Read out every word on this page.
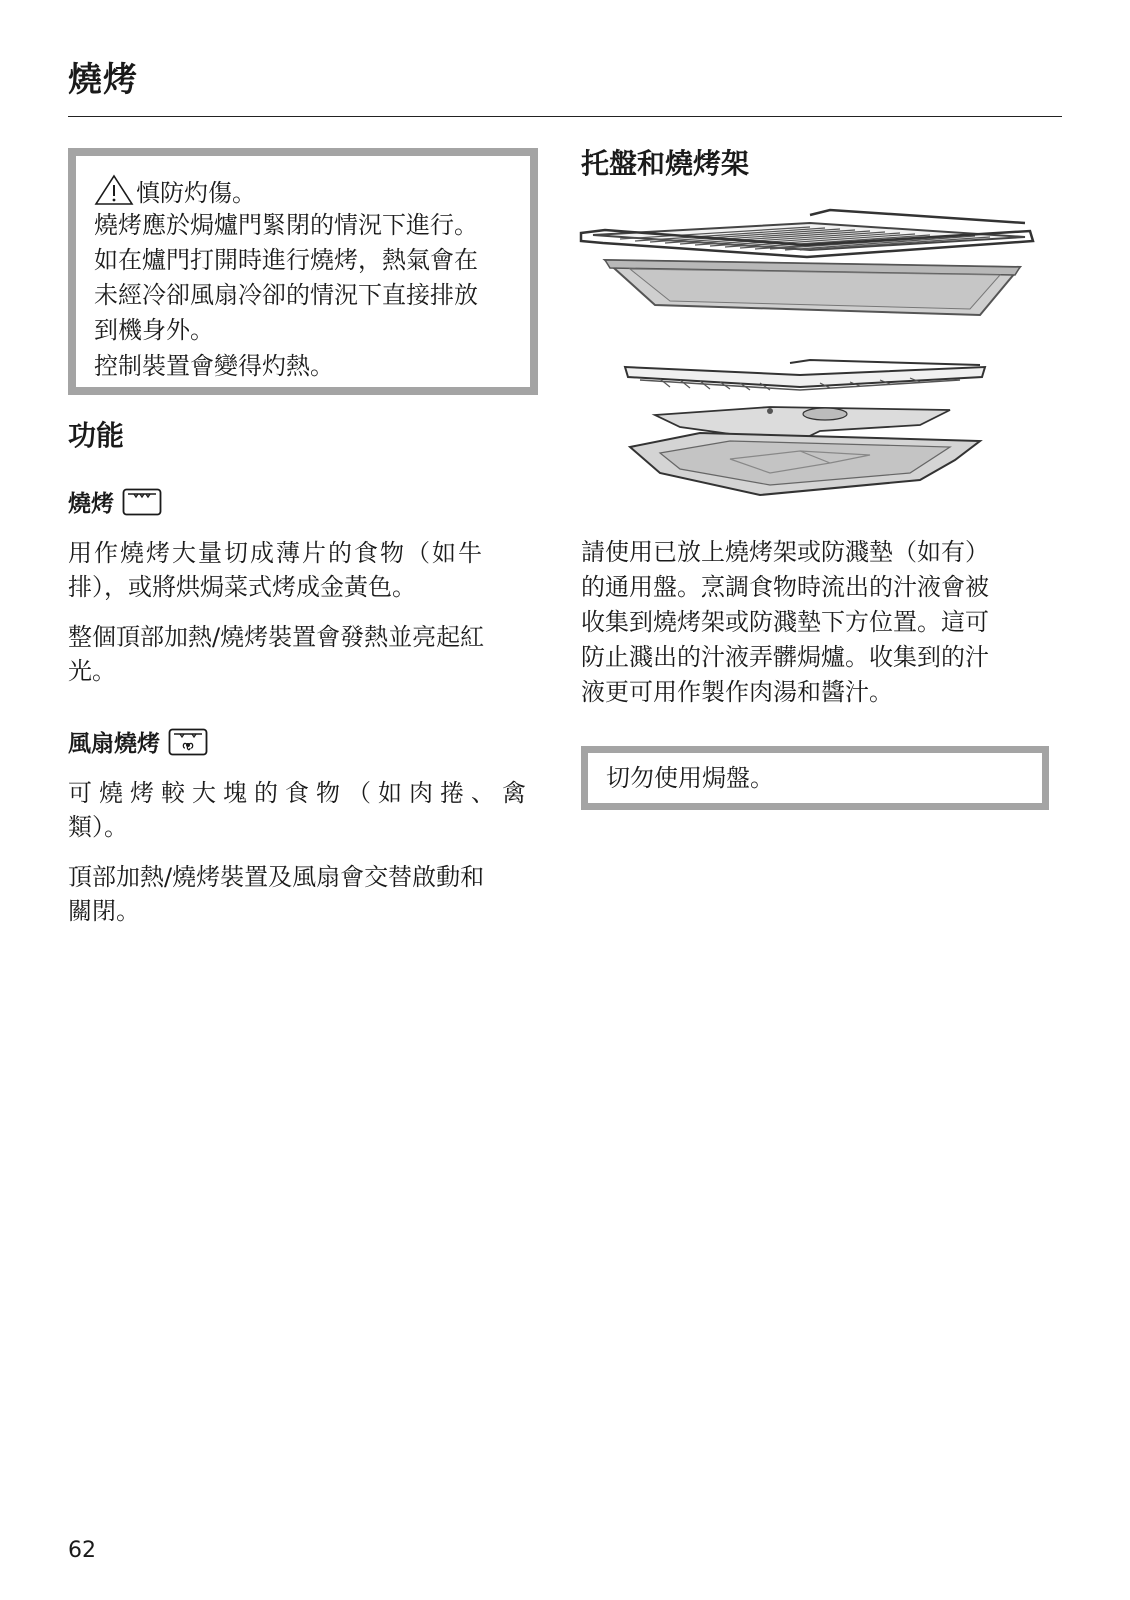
燒烤
慎防灼傷。
燒烤應於焗爐門緊閉的情況下進行。
如在爐門打開時進行燒烤，熱氣會在
未經冷卻風扇冷卻的情況下直接排放
到機身外。
控制裝置會變得灼熱。
功能
燒烤
用作燒烤大量切成薄片的食物（如牛
排），或將烘焗菜式烤成金黃色。
整個頂部加熱/燒烤裝置會發熱並亮起紅
光。
風扇燒烤
可燒烤較大塊的食物（如肉捲、禽
類）。
頂部加熱/燒烤裝置及風扇會交替啟動和
關閉。
托盤和燒烤架
請使用已放上燒烤架或防濺墊（如有）
的通用盤。烹調食物時流出的汁液會被
收集到燒烤架或防濺墊下方位置。這可
防止濺出的汁液弄髒焗爐。收集到的汁
液更可用作製作肉湯和醬汁。
切勿使用焗盤。
62
